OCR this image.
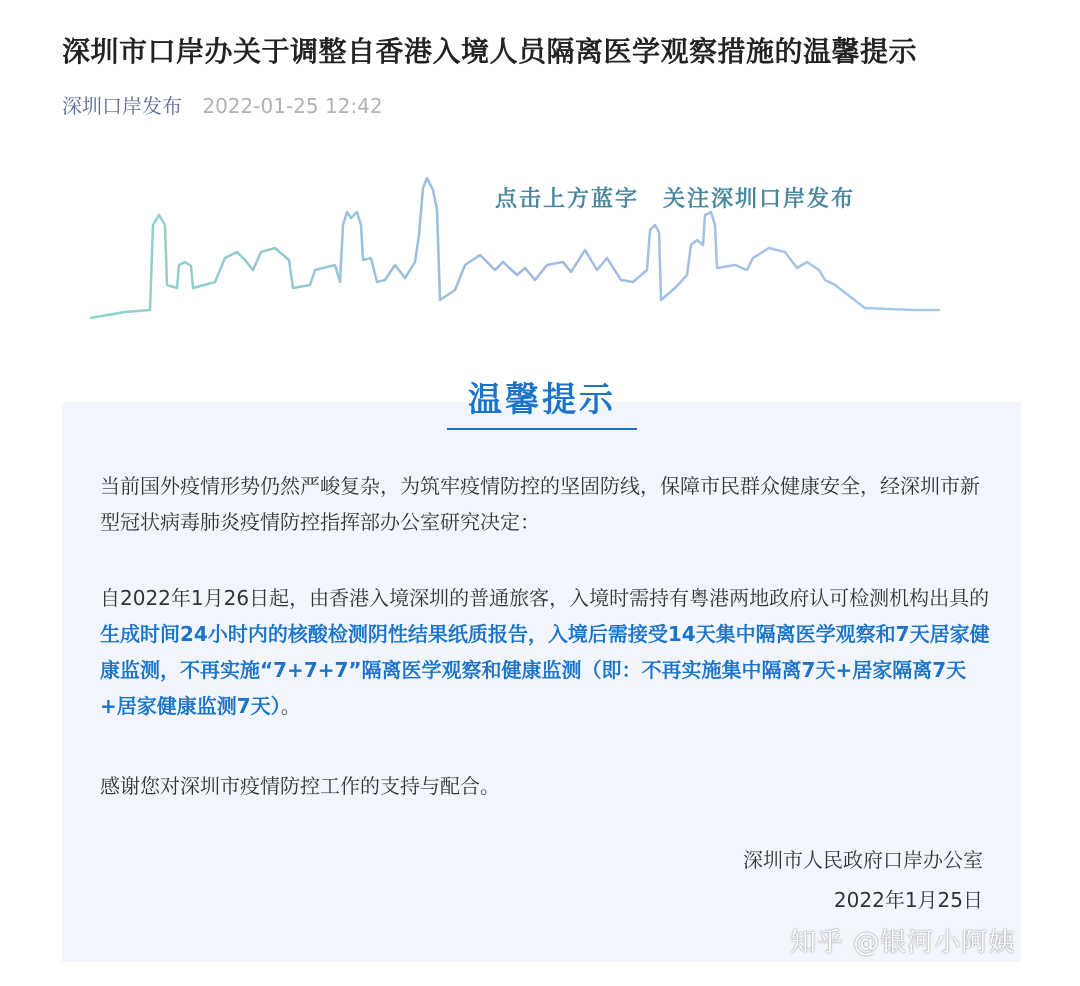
深圳市口岸办关于调整自香港入境人员隔离医学观察措施的温馨提示
深圳口岸发布 2022-01-25 12:42
点击上方蓝字　关注深圳口岸发布
温馨提示
当前国外疫情形势仍然严峻复杂，为筑牢疫情防控的坚固防线，保障市民群众健康安全，经深圳市新型冠状病毒肺炎疫情防控指挥部办公室研究决定：
自2022年1月26日起，由香港入境深圳的普通旅客，入境时需持有粤港两地政府认可检测机构出具的生成时间24小时内的核酸检测阴性结果纸质报告，入境后需接受14天集中隔离医学观察和7天居家健康监测，不再实施“7+7+7”隔离医学观察和健康监测（即：不再实施集中隔离7天+居家隔离7天+居家健康监测7天）。
感谢您对深圳市疫情防控工作的支持与配合。
深圳市人民政府口岸办公室
2022年1月25日
知乎 @银河小阿姨
